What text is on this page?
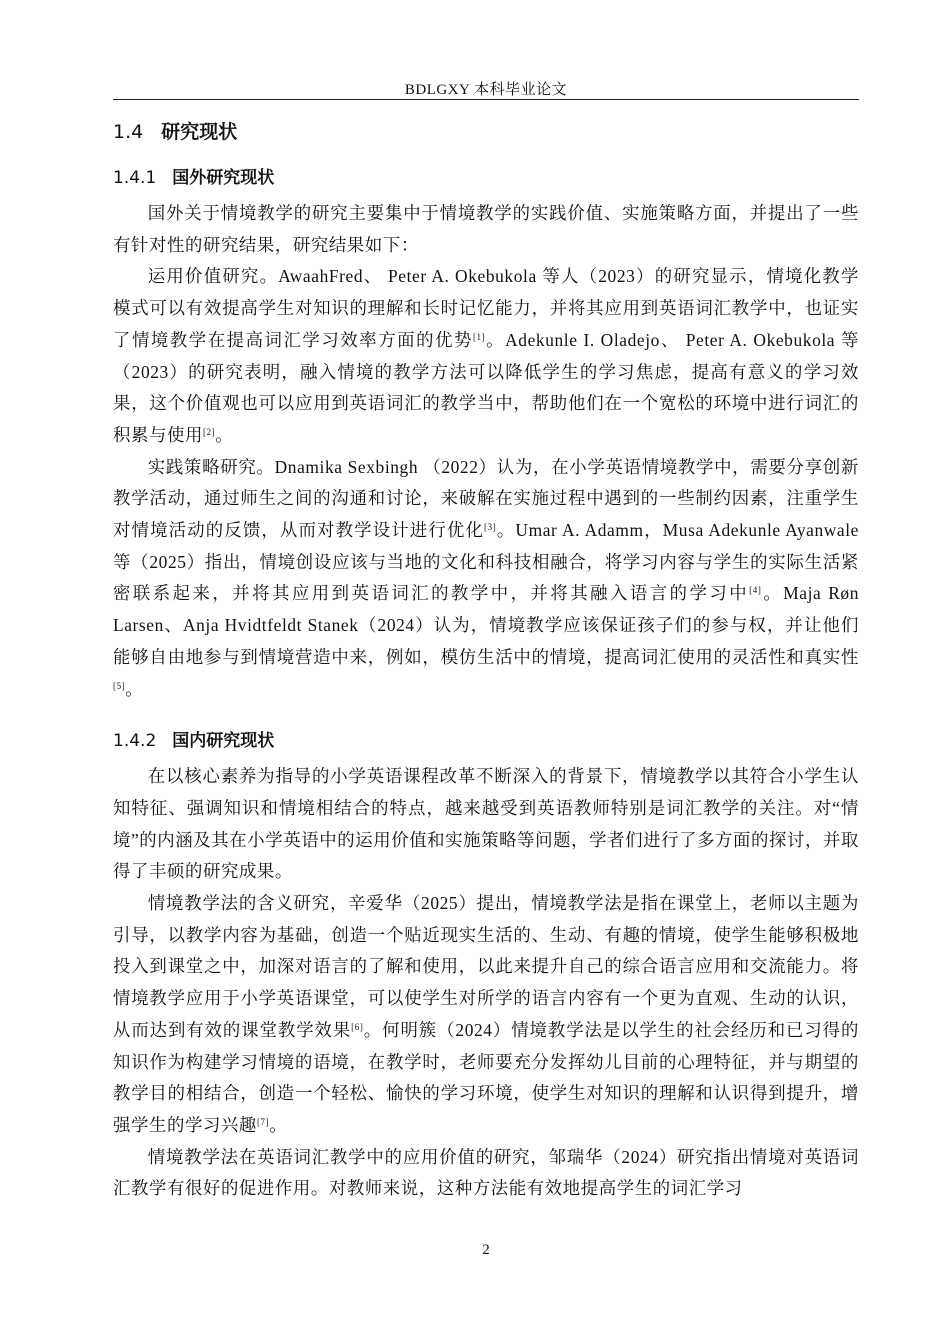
BDLGXY 本科毕业论文
1.4 研究现状
1.4.1 国外研究现状

国外关于情境教学的研究主要集中于情境教学的实践价值、实施策略方面，并提出了一些有针对性的研究结果，研究结果如下：

运用价值研究。AwaahFred、 Peter A. Okebukola 等人（2023）的研究显示，情境化教学模式可以有效提高学生对知识的理解和长时记忆能力，并将其应用到英语词汇教学中，也证实了情境教学在提高词汇学习效率方面的优势[1]。Adekunle I. Oladejo、 Peter A. Okebukola 等（2023）的研究表明，融入情境的教学方法可以降低学生的学习焦虑，提高有意义的学习效果，这个价值观也可以应用到英语词汇的教学当中，帮助他们在一个宽松的环境中进行词汇的积累与使用[2]。

实践策略研究。Dnamika Sexbingh （2022）认为，在小学英语情境教学中，需要分享创新教学活动，通过师生之间的沟通和讨论，来破解在实施过程中遇到的一些制约因素，注重学生对情境活动的反馈，从而对教学设计进行优化[3]。Umar A. Adamm，Musa Adekunle Ayanwale 等（2025）指出，情境创设应该与当地的文化和科技相融合，将学习内容与学生的实际生活紧密联系起来，并将其应用到英语词汇的教学中，并将其融入语言的学习中[4]。Maja Røn Larsen、Anja Hvidtfeldt Stanek（2024）认为，情境教学应该保证孩子们的参与权，并让他们能够自由地参与到情境营造中来，例如，模仿生活中的情境，提高词汇使用的灵活性和真实性[5]。

1.4.2 国内研究现状

在以核心素养为指导的小学英语课程改革不断深入的背景下，情境教学以其符合小学生认知特征、强调知识和情境相结合的特点，越来越受到英语教师特别是词汇教学的关注。对“情境”的内涵及其在小学英语中的运用价值和实施策略等问题，学者们进行了多方面的探讨，并取得了丰硕的研究成果。

情境教学法的含义研究，辛爱华（2025）提出，情境教学法是指在课堂上，老师以主题为引导，以教学内容为基础，创造一个贴近现实生活的、生动、有趣的情境，使学生能够积极地投入到课堂之中，加深对语言的了解和使用，以此来提升自己的综合语言应用和交流能力。将情境教学应用于小学英语课堂，可以使学生对所学的语言内容有一个更为直观、生动的认识，从而达到有效的课堂教学效果[6]。何明簇（2024）情境教学法是以学生的社会经历和已习得的知识作为构建学习情境的语境，在教学时，老师要充分发挥幼儿目前的心理特征，并与期望的教学目的相结合，创造一个轻松、愉快的学习环境，使学生对知识的理解和认识得到提升，增强学生的学习兴趣[7]。

情境教学法在英语词汇教学中的应用价值的研究，邹瑞华（2024）研究指出情境对英语词汇教学有很好的促进作用。对教师来说，这种方法能有效地提高学生的词汇学习

2
